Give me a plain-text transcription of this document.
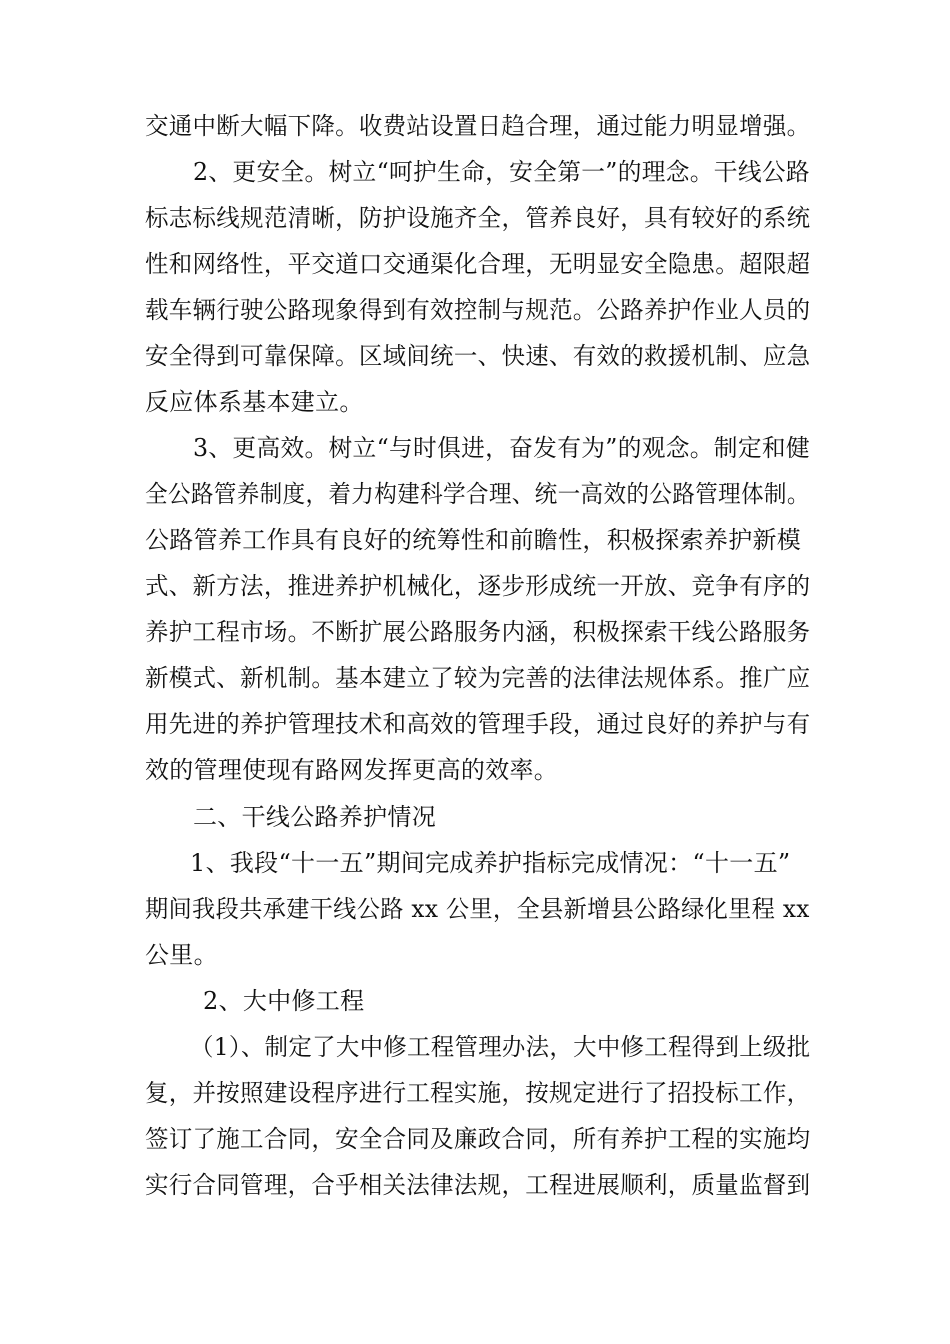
交通中断大幅下降。收费站设置日趋合理，通过能力明显增强。
2、更安全。树立“呵护生命，安全第一”的理念。干线公路
标志标线规范清晰，防护设施齐全，管养良好，具有较好的系统
性和网络性，平交道口交通渠化合理，无明显安全隐患。超限超
载车辆行驶公路现象得到有效控制与规范。公路养护作业人员的
安全得到可靠保障。区域间统一、快速、有效的救援机制、应急
反应体系基本建立。
3、更高效。树立“与时俱进，奋发有为”的观念。制定和健
全公路管养制度，着力构建科学合理、统一高效的公路管理体制。
公路管养工作具有良好的统筹性和前瞻性，积极探索养护新模
式、新方法，推进养护机械化，逐步形成统一开放、竞争有序的
养护工程市场。不断扩展公路服务内涵，积极探索干线公路服务
新模式、新机制。基本建立了较为完善的法律法规体系。推广应
用先进的养护管理技术和高效的管理手段，通过良好的养护与有
效的管理使现有路网发挥更高的效率。
二、干线公路养护情况
1、我段“十一五”期间完成养护指标完成情况：“十一五”
期间我段共承建干线公路 xx 公里，全县新增县公路绿化里程 xx
公里。
2、大中修工程
（1）、制定了大中修工程管理办法，大中修工程得到上级批
复，并按照建设程序进行工程实施，按规定进行了招投标工作，
签订了施工合同，安全合同及廉政合同，所有养护工程的实施均
实行合同管理，合乎相关法律法规，工程进展顺利，质量监督到
